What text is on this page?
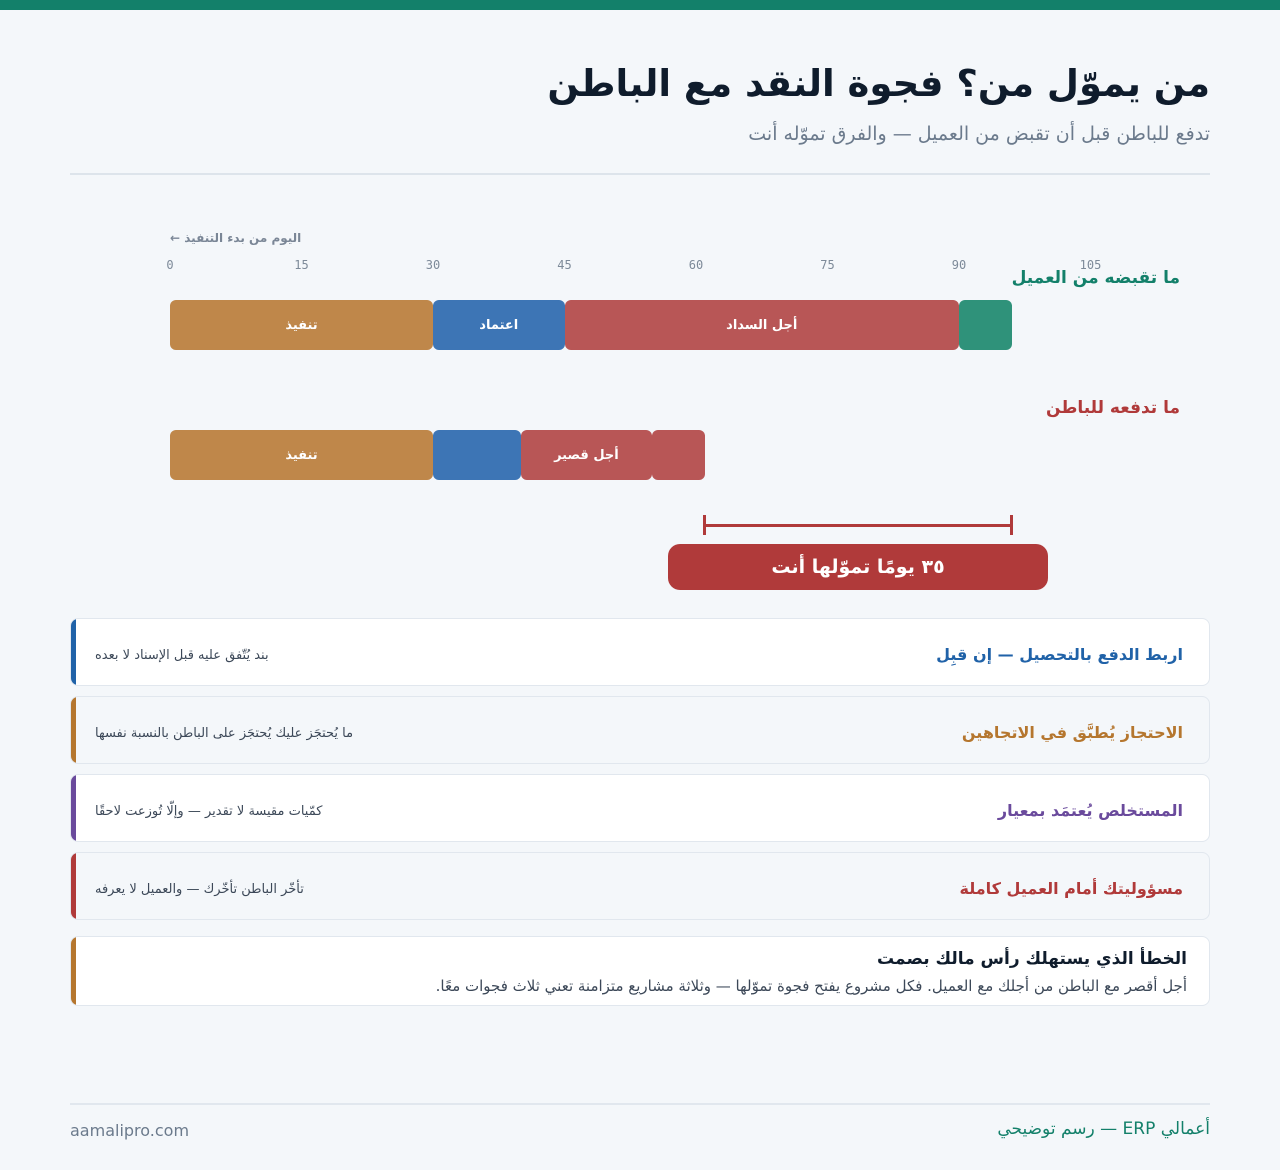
من يموّل من؟ فجوة النقد مع الباطن
تدفع للباطن قبل أن تقبض من العميل — والفرق تموّله أنت
اليوم من بدء التنفيذ ←
0	15	30	45	60	75	90	105
ما تقبضه من العميل
تنفيذ	اعتماد	أجل السداد
ما تدفعه للباطن
تنفيذ	أجل قصير
٣٥ يومًا تموّلها أنت
اربط الدفع بالتحصيل — إن قبِل
بند يُتّفق عليه قبل الإسناد لا بعده
الاحتجاز يُطبَّق في الاتجاهين
ما يُحتجَز عليك يُحتجَز على الباطن بالنسبة نفسها
المستخلص يُعتمَد بمعيار
كمّيات مقيسة لا تقدير — وإلّا تُوزعت لاحقًا
مسؤوليتك أمام العميل كاملة
تأخّر الباطن تأخّرك — والعميل لا يعرفه
الخطأ الذي يستهلك رأس مالك بصمت
أجل أقصر مع الباطن من أجلك مع العميل. فكل مشروع يفتح فجوة تموّلها — وثلاثة مشاريع متزامنة تعني ثلاث فجوات معًا.
aamalipro.com	أعمالي ERP — رسم توضيحي
